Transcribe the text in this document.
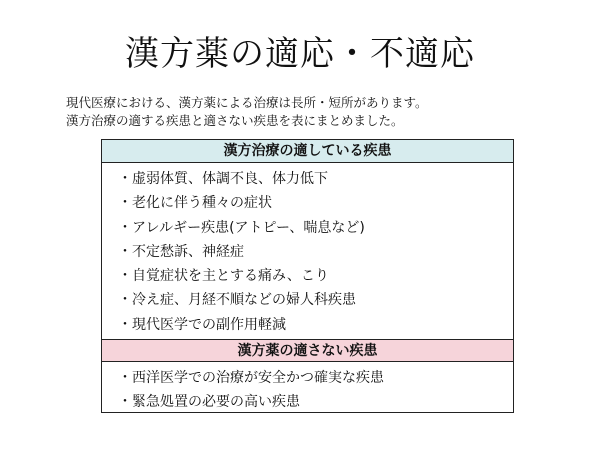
漢方薬の適応・不適応

現代医療における、漢方薬による治療は長所・短所があります。

漢方治療の適する疾患と適さない疾患を表にまとめました。

漢方治療の適している疾患
・虚弱体質、体調不良、体力低下
・老化に伴う種々の症状
・アレルギー疾患(アトピー、喘息など)
・不定愁訴、神経症
・自覚症状を主とする痛み、こり
・冷え症、月経不順などの婦人科疾患
・現代医学での副作用軽減
漢方薬の適さない疾患
・西洋医学での治療が安全かつ確実な疾患
・緊急処置の必要の高い疾患
